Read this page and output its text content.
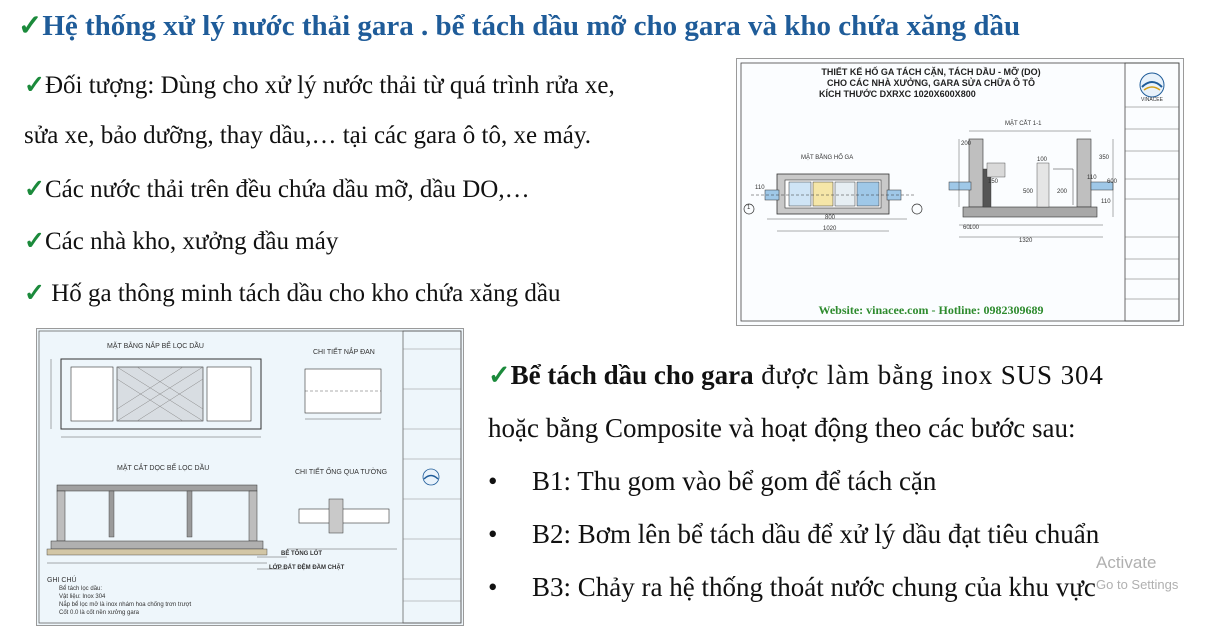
✓Hệ thống xử lý nước thải gara . bể tách dầu mỡ cho gara và kho chứa xăng dầu
✓Đối tượng: Dùng cho xử lý nước thải từ quá trình rửa xe,
sửa xe, bảo dưỡng, thay dầu,… tại các gara ô tô, xe máy.
✓Các nước thải trên đều chứa dầu mỡ, dầu DO,…
✓Các nhà kho, xưởng đầu máy
✓ Hố ga thông minh tách dầu cho kho chứa xăng dầu
THIẾT KẾ HỐ GA TÁCH CẶN, TÁCH DẦU - MỠ (DO)
CHO CÁC NHÀ XƯỞNG, GARA SỬA CHỮA Ô TÔ
KÍCH THƯỚC DXRXC 1020X600X800
MẶT CẮT 1-1
MẶT BẰNG HỐ GA
800
1020
110
150
100
500	200
1320
600
350
110
200
110
60 100
1
VINACEE
Website: vinacee.com - Hotline: 0982309689
MẶT BẰNG NẮP BỂ LỌC DẦU
CHI TIẾT NẮP ĐAN
MẶT CẮT DỌC BỂ LỌC DẦU
CHI TIẾT ỐNG QUA TƯỜNG
BÊ TÔNG LÓT
LỚP ĐẤT ĐỆM ĐẦM CHẶT
GHI CHÚ
Bể tách lọc dầu:
Vật liệu: Inox 304
Nắp bể lọc mở là inox nhám hoa chống trơn trượt
Cốt 0.0 là cốt nền xưởng gara
✓Bể tách dầu cho gara được làm bằng inox SUS 304
hoặc bằng Composite và hoạt động theo các bước sau:
• B1: Thu gom vào bể gom để tách cặn
• B2: Bơm lên bể tách dầu để xử lý dầu đạt tiêu chuẩn
• B3: Chảy ra hệ thống thoát nước chung của khu vực
Activate
Go to Settings
